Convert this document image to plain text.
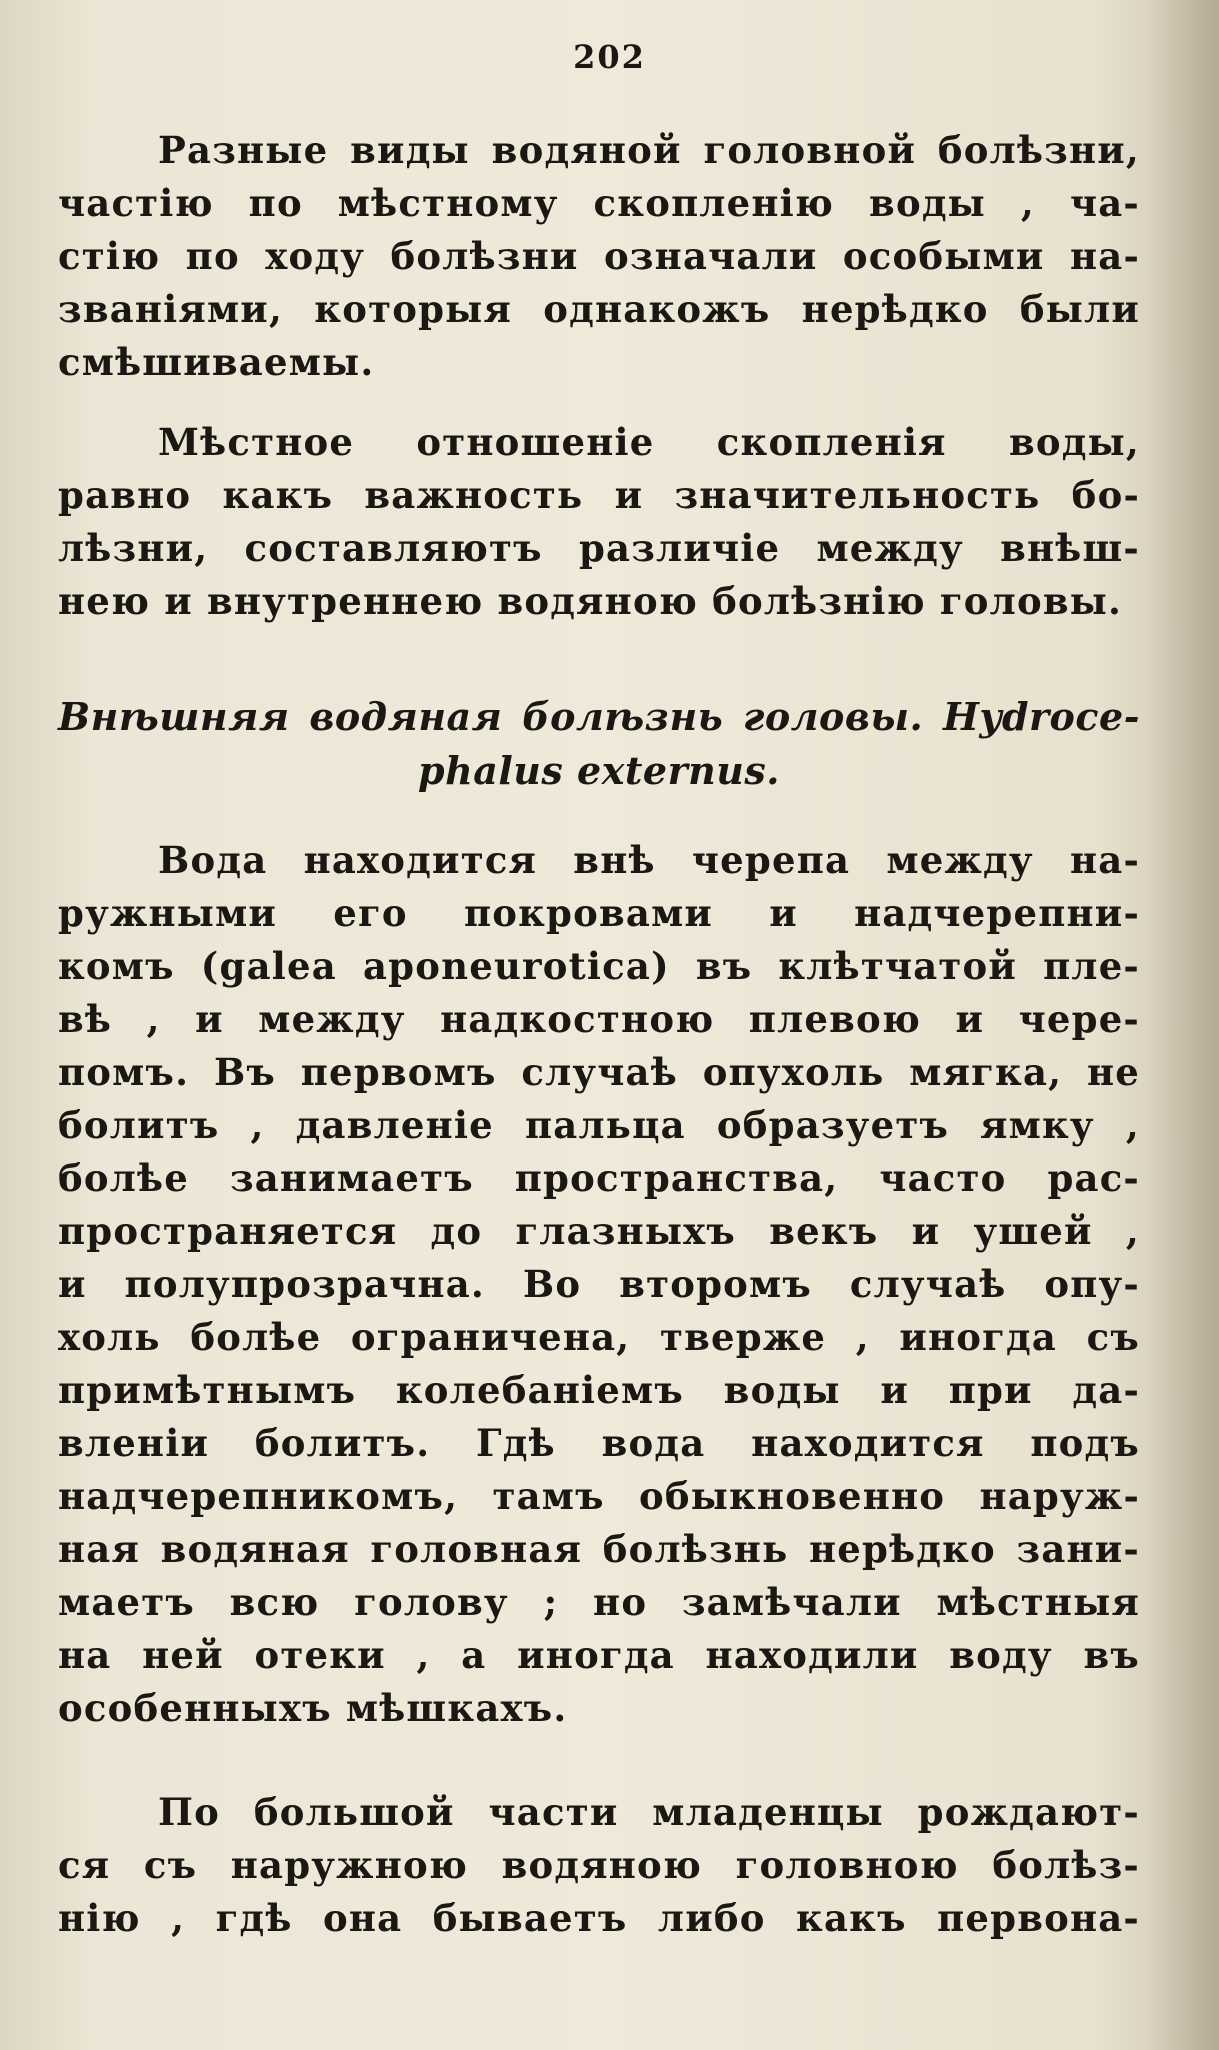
202
Разные виды водяной головной болѣзни,
частію по мѣстному скопленію воды , ча-
стію по ходу болѣзни означали особыми на-
званіями, которыя однакожъ нерѣдко были
смѣшиваемы.
Мѣстное отношеніе скопленія воды,
равно какъ важность и значительность бо-
лѣзни, составляютъ различіе между внѣш-
нею и внутреннею водяною болѣзнію головы.
Внѣшняя водяная болѣзнь головы. Hydroce-
phalus externus.
Вода находится внѣ черепа между на-
ружными его покровами и надчерепни-
комъ (galea aponeurotica) въ клѣтчатой пле-
вѣ , и между надкостною плевою и чере-
помъ. Въ первомъ случаѣ опухоль мягка, не
болитъ , давленіе пальца образуетъ ямку ,
болѣе занимаетъ пространства, часто рас-
пространяется до глазныхъ векъ и ушей ,
и полупрозрачна. Во второмъ случаѣ опу-
холь болѣе ограничена, тверже , иногда съ
примѣтнымъ колебаніемъ воды и при да-
вленіи болитъ. Гдѣ вода находится подъ
надчерепникомъ, тамъ обыкновенно наруж-
ная водяная головная болѣзнь нерѣдко зани-
маетъ всю голову ; но замѣчали мѣстныя
на ней отеки , а иногда находили воду въ
особенныхъ мѣшкахъ.
По большой части младенцы рождают-
ся съ наружною водяною головною болѣз-
нію , гдѣ она бываетъ либо какъ первона-
